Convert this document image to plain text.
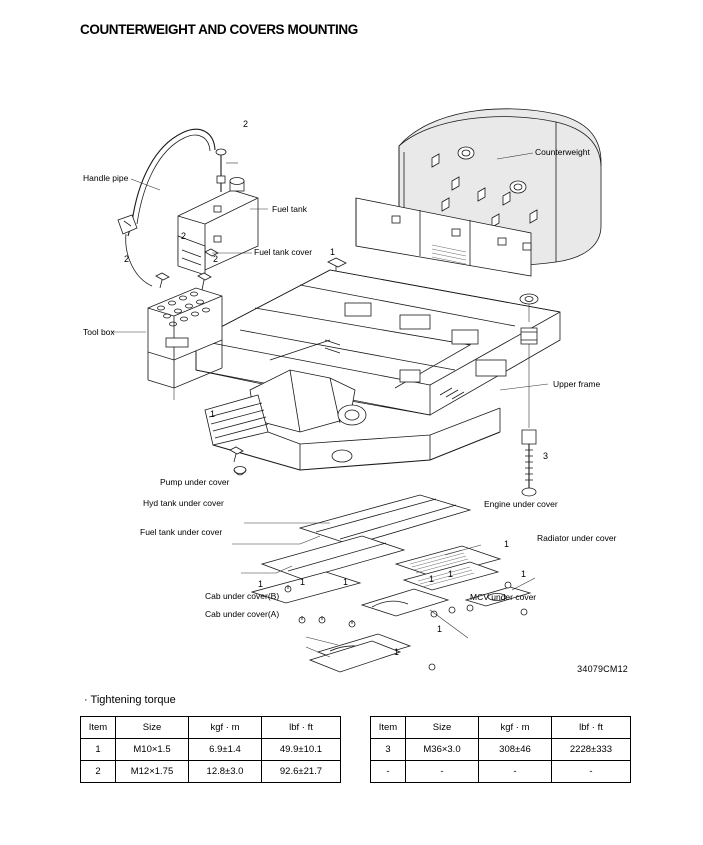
COUNTERWEIGHT AND COVERS MOUNTING
Handle pipe
Fuel tank
Fuel tank cover
Tool box
Counterweight
Upper frame
Pump under cover
Hyd tank under cover
Fuel tank under cover
Engine under cover
Radiator under cover
MCV under cover
Cab under cover(B)
Cab under cover(A)
2
2
2	2
1
1
3
1	1	1	1 1
1
1
1
1
34079CM12
· Tightening torque
Item	Size	kgf · m	lbf · ft
1	M10×1.5	6.9±1.4	49.9±10.1
2	M12×1.75	12.8±3.0	92.6±21.7
Item	Size	kgf · m	lbf · ft
3	M36×3.0	308±46	2228±333
-	-	-	-
